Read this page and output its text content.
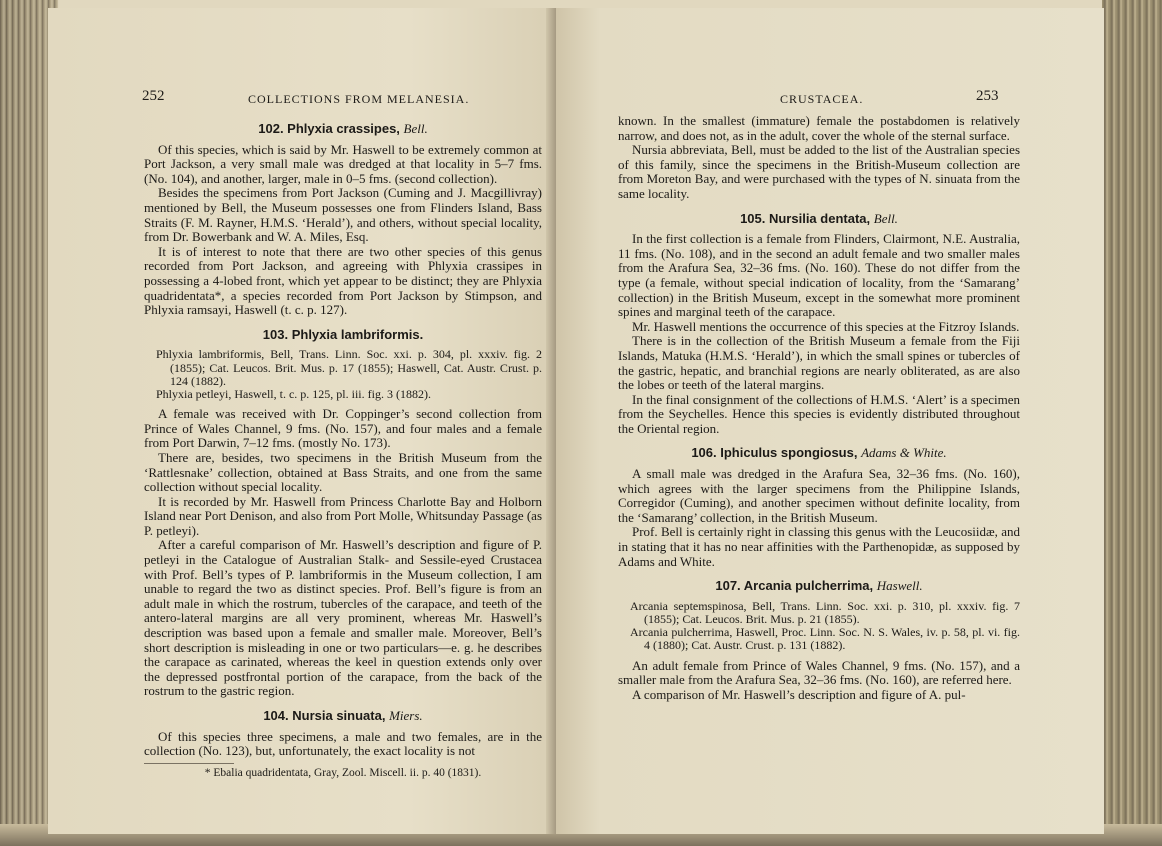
252	COLLECTIONS FROM MELANESIA.
102. Phlyxia crassipes, Bell.

Of this species, which is said by Mr. Haswell to be extremely common at Port Jackson, a very small male was dredged at that locality in 5–7 fms. (No. 104), and another, larger, male in 0–5 fms. (second collection).

Besides the specimens from Port Jackson (Cuming and J. Macgillivray) mentioned by Bell, the Museum possesses one from Flinders Island, Bass Straits (F. M. Rayner, H.M.S. ‘Herald’), and others, without special locality, from Dr. Bowerbank and W. A. Miles, Esq.

It is of interest to note that there are two other species of this genus recorded from Port Jackson, and agreeing with Phlyxia crassipes in possessing a 4-lobed front, which yet appear to be distinct; they are Phlyxia quadridentata*, a species recorded from Port Jackson by Stimpson, and Phlyxia ramsayi, Haswell (t. c. p. 127).

103. Phlyxia lambriformis.
Phlyxia lambriformis, Bell, Trans. Linn. Soc. xxi. p. 304, pl. xxxiv. fig. 2 (1855); Cat. Leucos. Brit. Mus. p. 17 (1855); Haswell, Cat. Austr. Crust. p. 124 (1882).
Phlyxia petleyi, Haswell, t. c. p. 125, pl. iii. fig. 3 (1882).

A female was received with Dr. Coppinger’s second collection from Prince of Wales Channel, 9 fms. (No. 157), and four males and a female from Port Darwin, 7–12 fms. (mostly No. 173).

There are, besides, two specimens in the British Museum from the ‘Rattlesnake’ collection, obtained at Bass Straits, and one from the same collection without special locality.

It is recorded by Mr. Haswell from Princess Charlotte Bay and Holborn Island near Port Denison, and also from Port Molle, Whitsunday Passage (as P. petleyi).

After a careful comparison of Mr. Haswell’s description and figure of P. petleyi in the Catalogue of Australian Stalk- and Sessile-eyed Crustacea with Prof. Bell’s types of P. lambriformis in the Museum collection, I am unable to regard the two as distinct species. Prof. Bell’s figure is from an adult male in which the rostrum, tubercles of the carapace, and teeth of the antero-lateral margins are all very prominent, whereas Mr. Haswell’s description was based upon a female and smaller male. Moreover, Bell’s short description is misleading in one or two particulars—e. g. he describes the carapace as carinated, whereas the keel in question extends only over the depressed postfrontal portion of the carapace, from the back of the rostrum to the gastric region.

104. Nursia sinuata, Miers.

Of this species three specimens, a male and two females, are in the collection (No. 123), but, unfortunately, the exact locality is not

* Ebalia quadridentata, Gray, Zool. Miscell. ii. p. 40 (1831).
CRUSTACEA.	253

known. In the smallest (immature) female the postabdomen is relatively narrow, and does not, as in the adult, cover the whole of the sternal surface.

Nursia abbreviata, Bell, must be added to the list of the Australian species of this family, since the specimens in the British-Museum collection are from Moreton Bay, and were purchased with the types of N. sinuata from the same locality.

105. Nursilia dentata, Bell.

In the first collection is a female from Flinders, Clairmont, N.E. Australia, 11 fms. (No. 108), and in the second an adult female and two smaller males from the Arafura Sea, 32–36 fms. (No. 160). These do not differ from the type (a female, without special indication of locality, from the ‘Samarang’ collection) in the British Museum, except in the somewhat more prominent spines and marginal teeth of the carapace.

Mr. Haswell mentions the occurrence of this species at the Fitzroy Islands.

There is in the collection of the British Museum a female from the Fiji Islands, Matuka (H.M.S. ‘Herald’), in which the small spines or tubercles of the gastric, hepatic, and branchial regions are nearly obliterated, as are also the lobes or teeth of the lateral margins.

In the final consignment of the collections of H.M.S. ‘Alert’ is a specimen from the Seychelles. Hence this species is evidently distributed throughout the Oriental region.

106. Iphiculus spongiosus, Adams & White.

A small male was dredged in the Arafura Sea, 32–36 fms. (No. 160), which agrees with the larger specimens from the Philippine Islands, Corregidor (Cuming), and another specimen without definite locality, from the ‘Samarang’ collection, in the British Museum.

Prof. Bell is certainly right in classing this genus with the Leucosiidæ, and in stating that it has no near affinities with the Parthenopidæ, as supposed by Adams and White.

107. Arcania pulcherrima, Haswell.
Arcania septemspinosa, Bell, Trans. Linn. Soc. xxi. p. 310, pl. xxxiv. fig. 7 (1855); Cat. Leucos. Brit. Mus. p. 21 (1855).
Arcania pulcherrima, Haswell, Proc. Linn. Soc. N. S. Wales, iv. p. 58, pl. vi. fig. 4 (1880); Cat. Austr. Crust. p. 131 (1882).

An adult female from Prince of Wales Channel, 9 fms. (No. 157), and a smaller male from the Arafura Sea, 32–36 fms. (No. 160), are referred here.

A comparison of Mr. Haswell’s description and figure of A. pul-
